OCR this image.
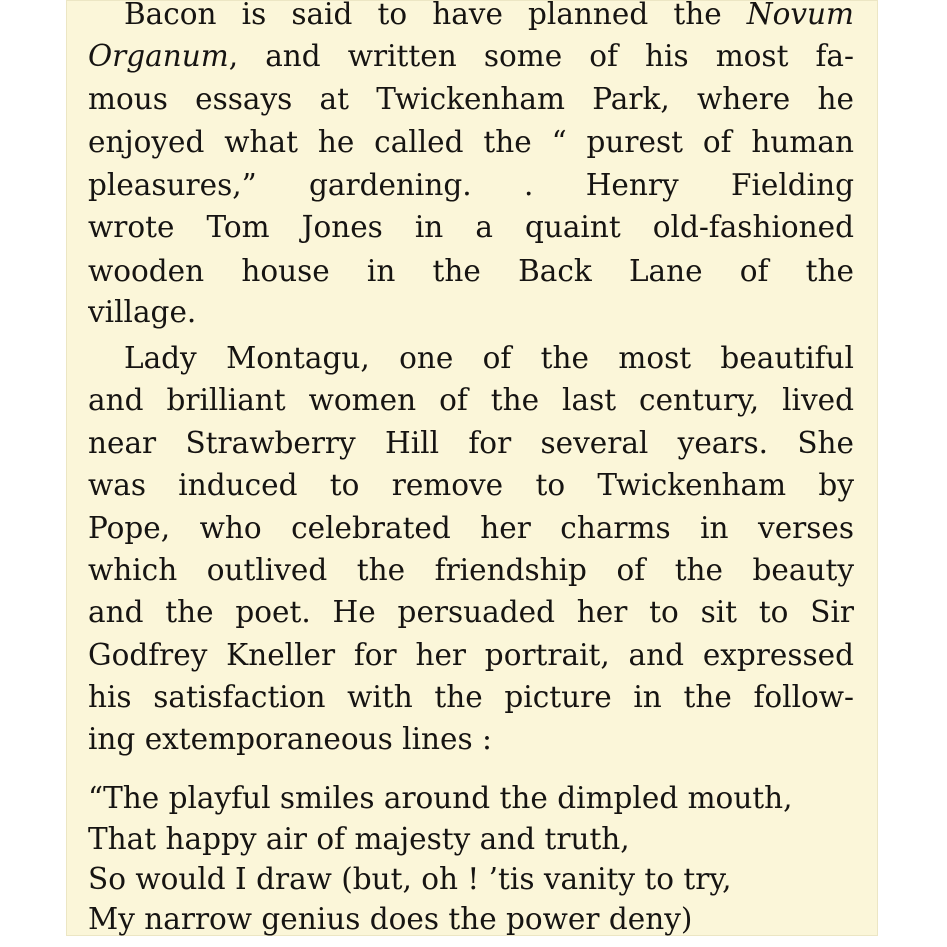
Bacon is said to have planned the Novum
Organum, and written some of his most fa-
mous essays at Twickenham Park, where he
enjoyed what he called the “ purest of human
pleasures,” gardening. . Henry Fielding
wrote Tom Jones in a quaint old-fashioned
wooden house in the Back Lane of the
village.
Lady Montagu, one of the most beautiful
and brilliant women of the last century, lived
near Strawberry Hill for several years. She
was induced to remove to Twickenham by
Pope, who celebrated her charms in verses
which outlived the friendship of the beauty
and the poet. He persuaded her to sit to Sir
Godfrey Kneller for her portrait, and expressed
his satisfaction with the picture in the follow-
ing extemporaneous lines :
“The playful smiles around the dimpled mouth,
That happy air of majesty and truth,
So would I draw (but, oh ! ’tis vanity to try,
My narrow genius does the power deny)
